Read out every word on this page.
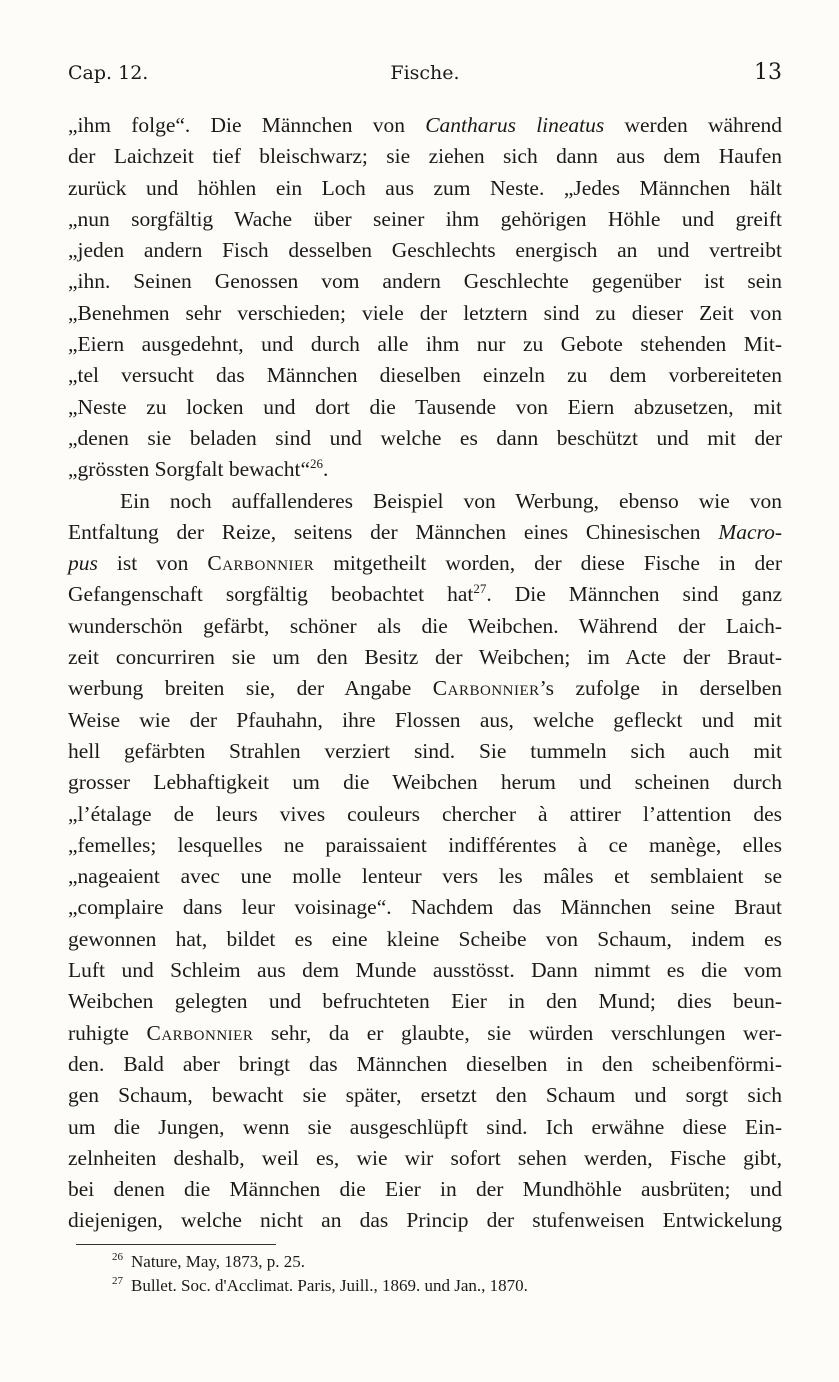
Cap. 12.	Fische.	13
„ihm folge“. Die Männchen von Cantharus lineatus werden während
der Laichzeit tief bleischwarz; sie ziehen sich dann aus dem Haufen
zurück und höhlen ein Loch aus zum Neste. „Jedes Männchen hält
„nun sorgfältig Wache über seiner ihm gehörigen Höhle und greift
„jeden andern Fisch desselben Geschlechts energisch an und vertreibt
„ihn. Seinen Genossen vom andern Geschlechte gegenüber ist sein
„Benehmen sehr verschieden; viele der letztern sind zu dieser Zeit von
„Eiern ausgedehnt, und durch alle ihm nur zu Gebote stehenden Mit-
„tel versucht das Männchen dieselben einzeln zu dem vorbereiteten
„Neste zu locken und dort die Tausende von Eiern abzusetzen, mit
„denen sie beladen sind und welche es dann beschützt und mit der
„grössten Sorgfalt bewacht“$^{26}$.
Ein noch auffallenderes Beispiel von Werbung, ebenso wie von
Entfaltung der Reize, seitens der Männchen eines Chinesischen Macro-
pus ist von Carbonnier mitgetheilt worden, der diese Fische in der
Gefangenschaft sorgfältig beobachtet hat$^{27}$. Die Männchen sind ganz
wunderschön gefärbt, schöner als die Weibchen. Während der Laich-
zeit concurriren sie um den Besitz der Weibchen; im Acte der Braut-
werbung breiten sie, der Angabe Carbonnier’s zufolge in derselben
Weise wie der Pfauhahn, ihre Flossen aus, welche gefleckt und mit
hell gefärbten Strahlen verziert sind. Sie tummeln sich auch mit
grosser Lebhaftigkeit um die Weibchen herum und scheinen durch
„l’étalage de leurs vives couleurs chercher à attirer l’attention des
„femelles; lesquelles ne paraissaient indifférentes à ce manège, elles
„nageaient avec une molle lenteur vers les mâles et semblaient se
„complaire dans leur voisinage“. Nachdem das Männchen seine Braut
gewonnen hat, bildet es eine kleine Scheibe von Schaum, indem es
Luft und Schleim aus dem Munde ausstösst. Dann nimmt es die vom
Weibchen gelegten und befruchteten Eier in den Mund; dies beun-
ruhigte Carbonnier sehr, da er glaubte, sie würden verschlungen wer-
den. Bald aber bringt das Männchen dieselben in den scheibenförmi-
gen Schaum, bewacht sie später, ersetzt den Schaum und sorgt sich
um die Jungen, wenn sie ausgeschlüpft sind. Ich erwähne diese Ein-
zelnheiten deshalb, weil es, wie wir sofort sehen werden, Fische gibt,
bei denen die Männchen die Eier in der Mundhöhle ausbrüten; und
diejenigen, welche nicht an das Princip der stufenweisen Entwickelung
$^{26}$ Nature, May, 1873, p. 25.
$^{27}$ Bullet. Soc. d'Acclimat. Paris, Juill., 1869. und Jan., 1870.
